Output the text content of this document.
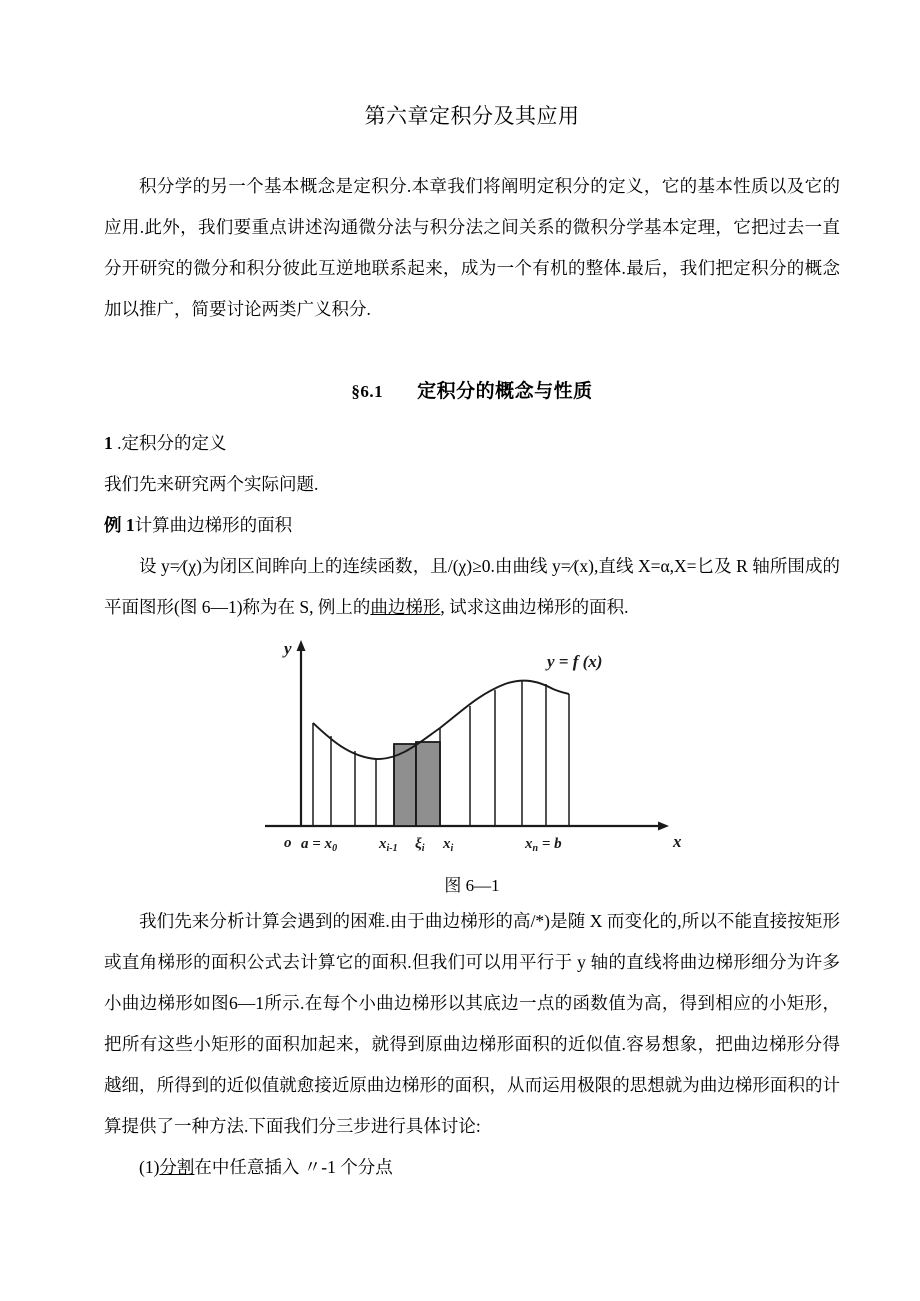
第六章定积分及其应用

积分学的另一个基本概念是定积分.本章我们将阐明定积分的定义，它的基本性质以及它的应用.此外，我们要重点讲述沟通微分法与积分法之间关系的微积分学基本定理，它把过去一直分开研究的微分和积分彼此互逆地联系起来，成为一个有机的整体.最后，我们把定积分的概念加以推广，简要讨论两类广义积分.

§6.1 定积分的概念与性质

1 .定积分的定义

我们先来研究两个实际问题.

例 1计算曲边梯形的面积

设 y=⁄(χ)为闭区间眸向上的连续函数，且/(χ)≥0.由曲线 y=⁄(x),直线 X=α,X=匕及 R 轴所围成的平面图形(图 6—1)称为在 S, 例上的曲边梯形, 试求这曲边梯形的面积.

y
x
o
y = f (x)
$a = x_0$	$x_{i-1}$ $\xi_i$ $x_i$	$x_n = b$
图 6—1

我们先来分析计算会遇到的困难.由于曲边梯形的高/*)是随 X 而变化的,所以不能直接按矩形或直角梯形的面积公式去计算它的面积.但我们可以用平行于 y 轴的直线将曲边梯形细分为许多小曲边梯形如图6—1所示.在每个小曲边梯形以其底边一点的函数值为高，得到相应的小矩形，把所有这些小矩形的面积加起来，就得到原曲边梯形面积的近似值.容易想象，把曲边梯形分得越细，所得到的近似值就愈接近原曲边梯形的面积，从而运用极限的思想就为曲边梯形面积的计算提供了一种方法.下面我们分三步进行具体讨论:

(1)分割在中任意插入 〃-1 个分点
